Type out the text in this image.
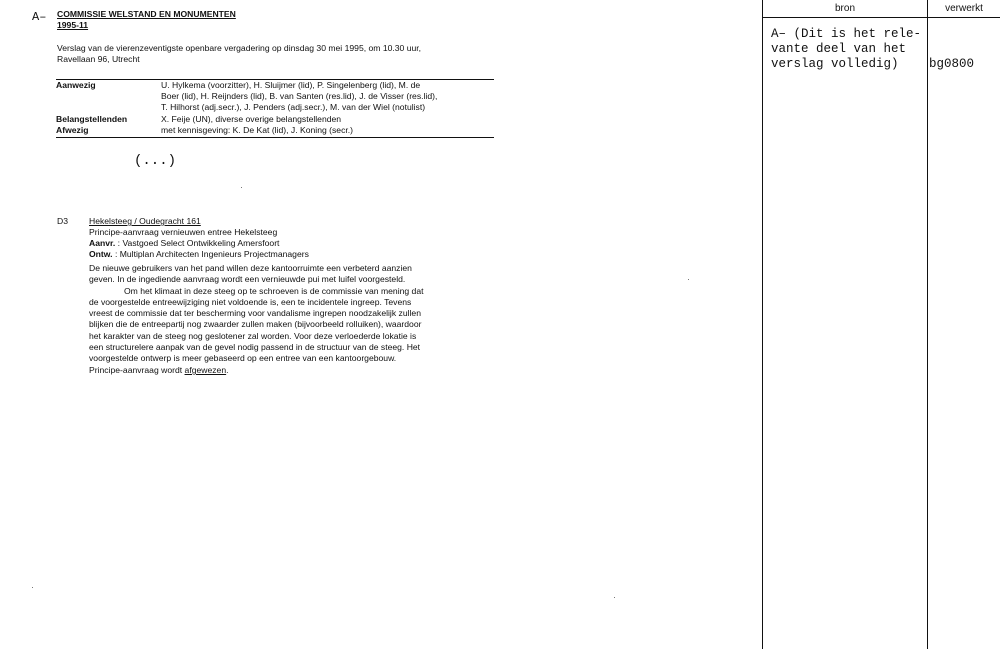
A– COMMISSIE WELSTAND EN MONUMENTEN
1995-11
Verslag van de vierenzeventigste openbare vergadering op dinsdag 30 mei 1995, om 10.30 uur,
Ravellaan 96, Utrecht
Aanwezig	U. Hylkema (voorzitter), H. Sluijmer (lid), P. Singelenberg (lid), M. de
Boer (lid), H. Reijnders (lid), B. van Santen (res.lid), J. de Visser (res.lid),
T. Hilhorst (adj.secr.), J. Penders (adj.secr.), M. van der Wiel (notulist)
Belangstellenden	X. Feije (UN), diverse overige belangstellenden
Afwezig	met kennisgeving: K. De Kat (lid), J. Koning (secr.)
(...)
D3 Hekelsteeg / Oudegracht 161
Principe-aanvraag vernieuwen entree Hekelsteeg
Aanvr. : Vastgoed Select Ontwikkeling Amersfoort
Ontw. : Multiplan Architecten Ingenieurs Projectmanagers
De nieuwe gebruikers van het pand willen deze kantoorruimte een verbeterd aanzien
geven. In de ingediende aanvraag wordt een vernieuwde pui met luifel voorgesteld.
Om het klimaat in deze steeg op te schroeven is de commissie van mening dat
de voorgestelde entreewijziging niet voldoende is, een te incidentele ingreep. Tevens
vreest de commissie dat ter bescherming voor vandalisme ingrepen noodzakelijk zullen
blijken die de entreepartij nog zwaarder zullen maken (bijvoorbeeld rolluiken), waardoor
het karakter van de steeg nog geslotener zal worden. Voor deze verloederde lokatie is
een structurelere aanpak van de gevel nodig passend in de structuur van de steeg. Het
voorgestelde ontwerp is meer gebaseerd op een entree van een kantoorgebouw.
Principe-aanvraag wordt afgewezen.
bron	verwerkt
A– (Dit is het rele-
vante deel van het
verslag volledig)	bg0800
